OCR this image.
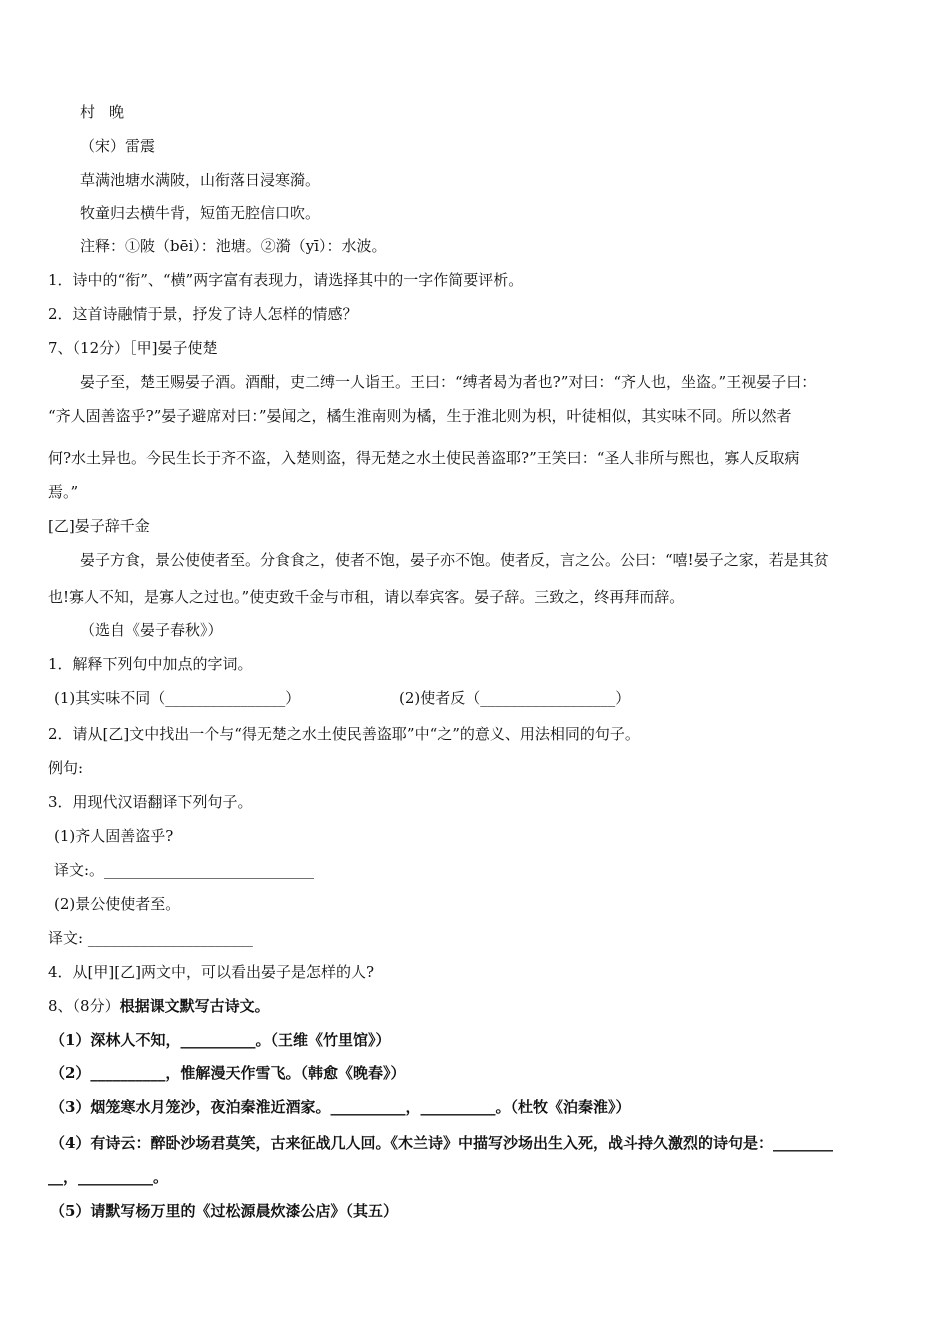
村晚
（宋）雷震
草满池塘水满陂，山衔落日浸寒漪。
牧童归去横牛背，短笛无腔信口吹。
注释：①陂（bēi）：池塘。②漪（yī）：水波。
1．诗中的“衔”、“横”两字富有表现力，请选择其中的一字作简要评析。
2．这首诗融情于景，抒发了诗人怎样的情感？
7、（12分）［甲]晏子使楚
晏子至，楚王赐晏子酒。酒酣，吏二缚一人诣王。王曰：“缚者曷为者也?”对曰：“齐人也，坐盗。”王视晏子曰：
“齐人固善盗乎?”晏子避席对曰：”晏闻之，橘生淮南则为橘，生于淮北则为枳，叶徒相似，其实味不同。所以然者
何?水土异也。今民生长于齐不盗，入楚则盗，得无楚之水土使民善盗耶?”王笑曰：“圣人非所与熙也，寡人反取病
焉。”
[乙]晏子辞千金
晏子方食，景公使使者至。分食食之，使者不饱，晏子亦不饱。使者反，言之公。公曰：“嘻!晏子之家，若是其贫
也!寡人不知，是寡人之过也。”使吏致千金与市租，请以奉宾客。晏子辞。三致之，终再拜而辞。
（选自《晏子春秋》）
1．解释下列句中加点的字词。
(1)其实味不同（________________）	(2)使者反（__________________）
2．请从[乙]文中找出一个与“得无楚之水土使民善盗耶”中“之”的意义、用法相同的句子。
例句:
3．用现代汉语翻译下列句子。
(1)齐人固善盗乎?
译文:。____________________________
(2)景公使使者至。
译文: ______________________
4．从[甲][乙]两文中，可以看出晏子是怎样的人?
8、（8分）根据课文默写古诗文。
（1）深林人不知，__________。（王维《竹里馆》）
（2）__________，惟解漫天作雪飞。（韩愈《晚春》）
（3）烟笼寒水月笼沙，夜泊秦淮近酒家。__________，__________。（杜牧《泊秦淮》）
（4）有诗云：醉卧沙场君莫笑，古来征战几人回。《木兰诗》中描写沙场出生入死，战斗持久激烈的诗句是：________
__，__________。
（5）请默写杨万里的《过松源晨炊漆公店》（其五）
